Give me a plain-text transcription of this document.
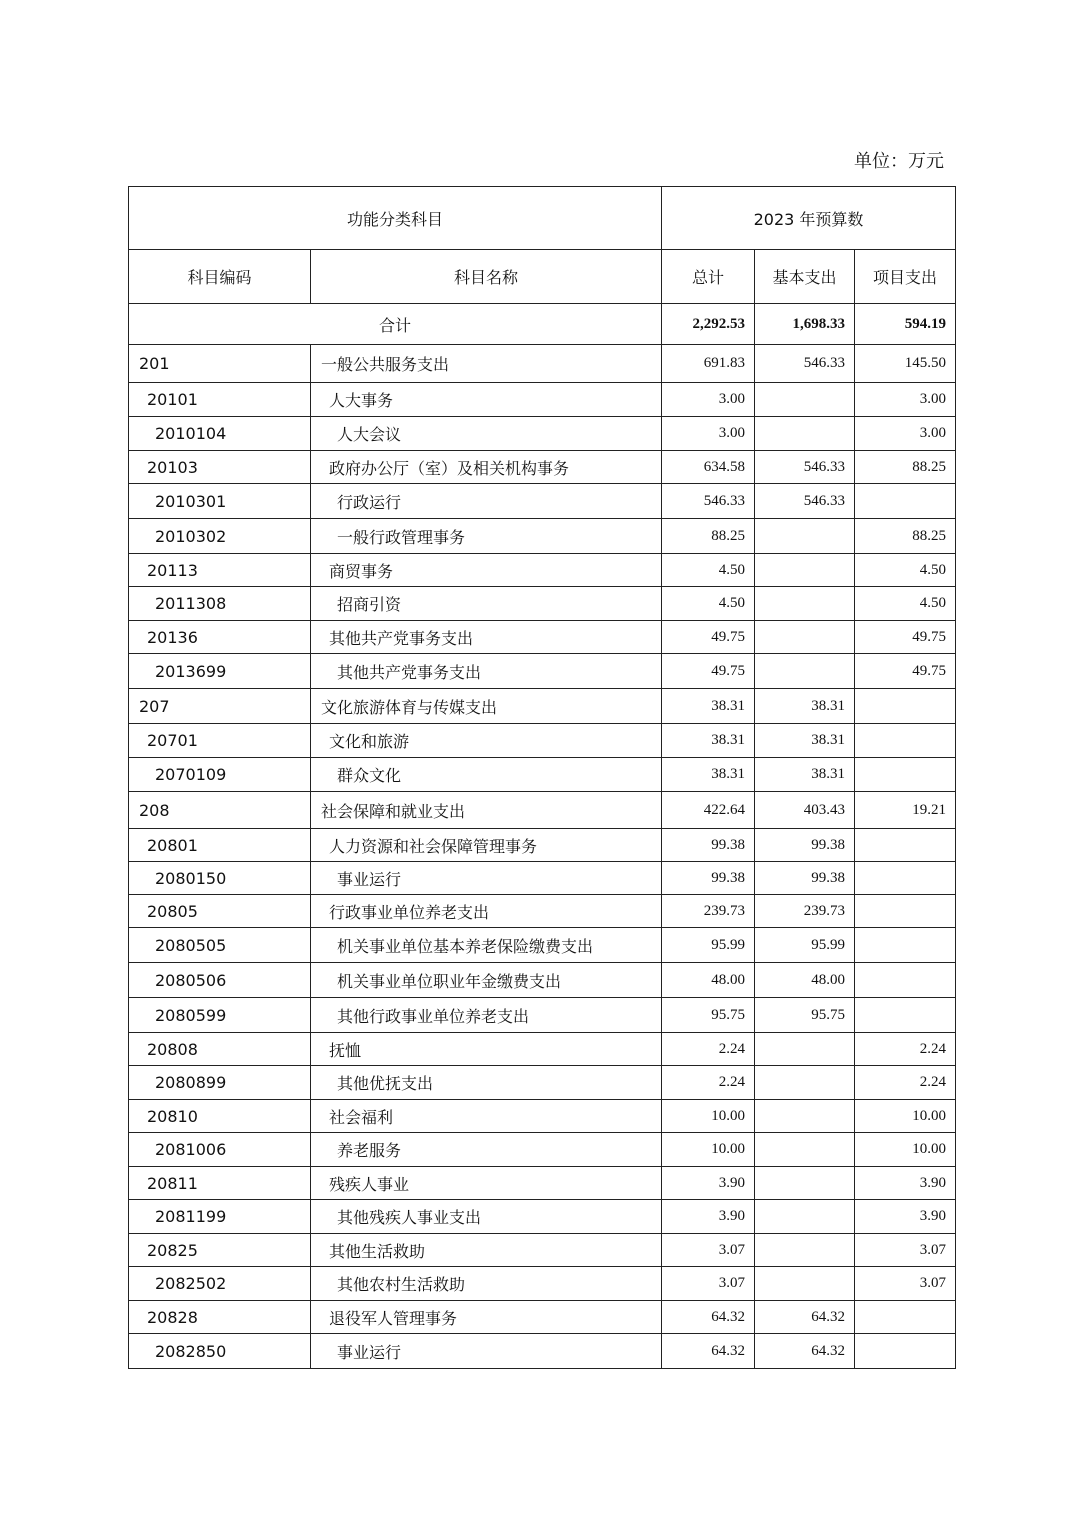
单位：万元
功能分类科目		2023 年预算数		
科目编码	科目名称	总计	基本支出	项目支出
合计		2,292.53	1,698.33	594.19
201	一般公共服务支出	691.83	546.33	145.50
20101	人大事务	3.00		3.00
2010104	人大会议	3.00		3.00
20103	政府办公厅（室）及相关机构事务	634.58	546.33	88.25
2010301	行政运行	546.33	546.33	
2010302	一般行政管理事务	88.25		88.25
20113	商贸事务	4.50		4.50
2011308	招商引资	4.50		4.50
20136	其他共产党事务支出	49.75		49.75
2013699	其他共产党事务支出	49.75		49.75
207	文化旅游体育与传媒支出	38.31	38.31	
20701	文化和旅游	38.31	38.31	
2070109	群众文化	38.31	38.31	
208	社会保障和就业支出	422.64	403.43	19.21
20801	人力资源和社会保障管理事务	99.38	99.38	
2080150	事业运行	99.38	99.38	
20805	行政事业单位养老支出	239.73	239.73	
2080505	机关事业单位基本养老保险缴费支出	95.99	95.99	
2080506	机关事业单位职业年金缴费支出	48.00	48.00	
2080599	其他行政事业单位养老支出	95.75	95.75	
20808	抚恤	2.24		2.24
2080899	其他优抚支出	2.24		2.24
20810	社会福利	10.00		10.00
2081006	养老服务	10.00		10.00
20811	残疾人事业	3.90		3.90
2081199	其他残疾人事业支出	3.90		3.90
20825	其他生活救助	3.07		3.07
2082502	其他农村生活救助	3.07		3.07
20828	退役军人管理事务	64.32	64.32	
2082850	事业运行	64.32	64.32	
